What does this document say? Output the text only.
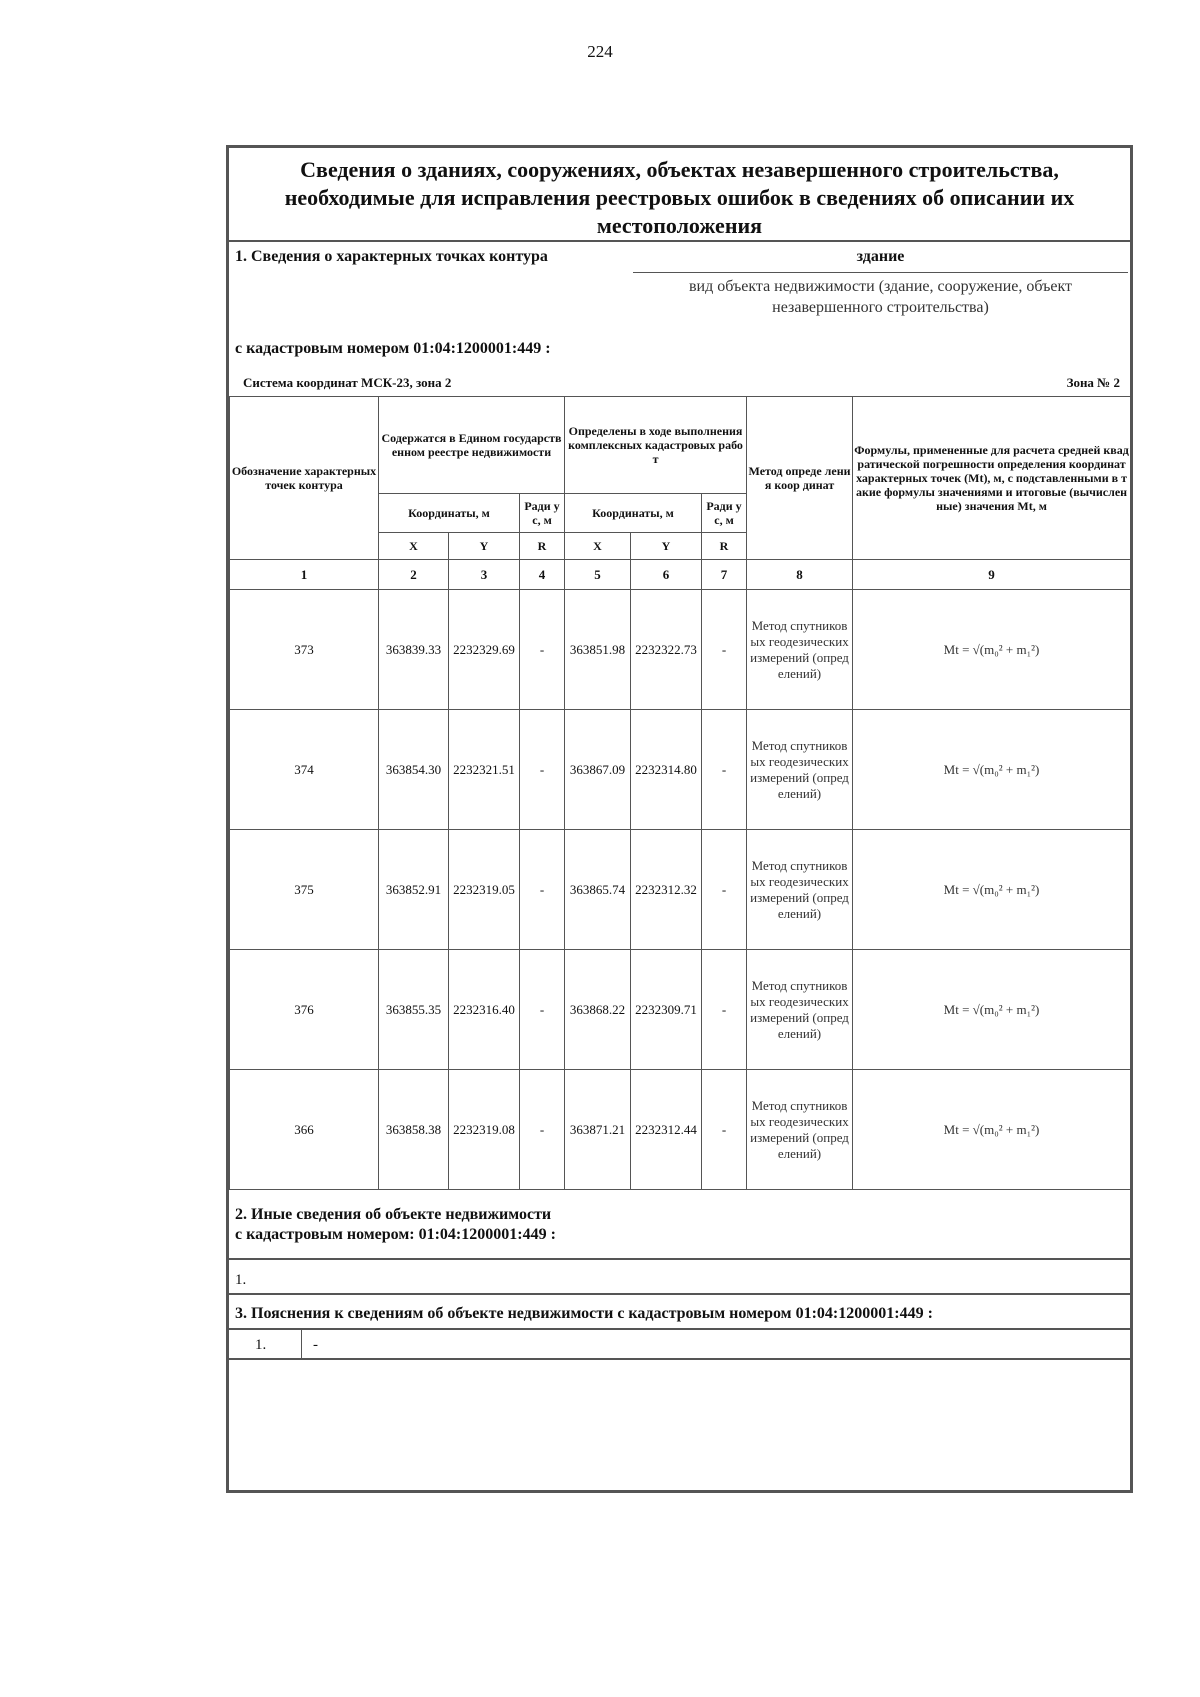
224
Сведения о зданиях, сооружениях, объектах незавершенного строительства,
необходимые для исправления реестровых ошибок в сведениях об описании их
местоположения
1. Сведения о характерных точках контура	здание
вид объекта недвижимости (здание, сооружение, объект
незавершенного строительства)
с кадастровым номером 01:04:1200001:449 :
Система координат МСК-23, зона 2	Зона № 2
Обозначение характерных точек контура	Содержатся в Едином государственном реестре недвижимости			Определены в ходе выполнения комплексных кадастровых работ			Метод опреде ления коор динат	Формулы, примененные для расчета средней квадратической погрешности определения координат характерных точек (Mt), м, с подставленными в такие формулы значениями и итоговые (вычисленные) значения Mt, м
	Координаты, м		Ради ус, м	Координаты, м		Ради ус, м		
	X	Y	R	X	Y	R		
1	2	3	4	5	6	7	8	9
373	363839.33	2232329.69	-	363851.98	2232322.73	-	Метод спутниковых геодезических измерений (определений)	Mt = √(m₀² + m₁²)
374	363854.30	2232321.51	-	363867.09	2232314.80	-	Метод спутниковых геодезических измерений (определений)	Mt = √(m₀² + m₁²)
375	363852.91	2232319.05	-	363865.74	2232312.32	-	Метод спутниковых геодезических измерений (определений)	Mt = √(m₀² + m₁²)
376	363855.35	2232316.40	-	363868.22	2232309.71	-	Метод спутниковых геодезических измерений (определений)	Mt = √(m₀² + m₁²)
366	363858.38	2232319.08	-	363871.21	2232312.44	-	Метод спутниковых геодезических измерений (определений)	Mt = √(m₀² + m₁²)
2. Иные сведения об объекте недвижимости
с кадастровым номером: 01:04:1200001:449 :
1.
3. Пояснения к сведениям об объекте недвижимости с кадастровым номером 01:04:1200001:449 :
1.	-
